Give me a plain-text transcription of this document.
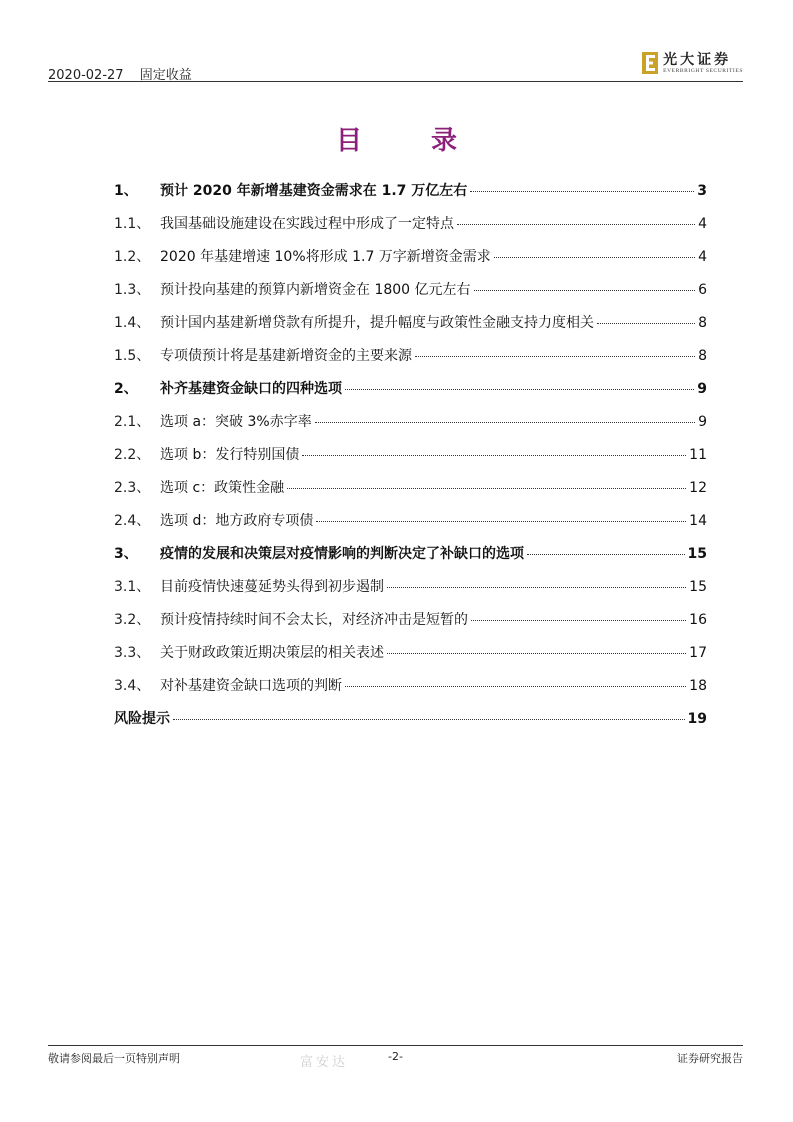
2020-02-27 固定收益
光大证券
EVERBRIGHT SECURITIES
目 录
1、	预计 2020 年新增基建资金需求在 1.7 万亿左右	3
1.1、 我国基础设施建设在实践过程中形成了一定特点	4
1.2、 2020 年基建增速 10%将形成 1.7 万字新增资金需求	4
1.3、 预计投向基建的预算内新增资金在 1800 亿元左右	6
1.4、 预计国内基建新增贷款有所提升，提升幅度与政策性金融支持力度相关	8
1.5、 专项债预计将是基建新增资金的主要来源	8
2、	补齐基建资金缺口的四种选项	9
2.1、 选项 a：突破 3%赤字率	9
2.2、 选项 b：发行特别国债	11
2.3、 选项 c：政策性金融	12
2.4、 选项 d：地方政府专项债	14
3、	疫情的发展和决策层对疫情影响的判断决定了补缺口的选项	15
3.1、 目前疫情快速蔓延势头得到初步遏制	15
3.2、 预计疫情持续时间不会太长，对经济冲击是短暂的	16
3.3、 关于财政政策近期决策层的相关表述	17
3.4、 对补基建资金缺口选项的判断	18
风险提示	19
富安达
敬请参阅最后一页特别声明	-2-	证券研究报告
